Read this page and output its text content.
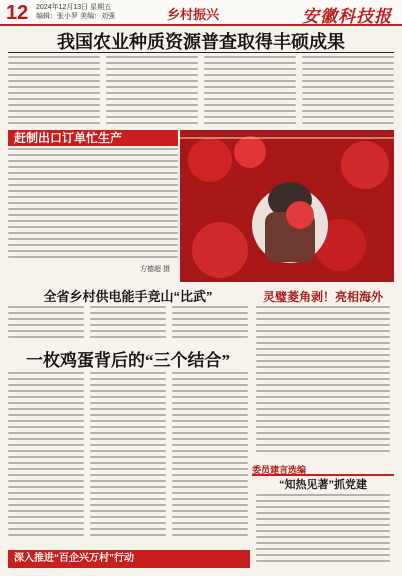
12 2024年12月13日 星期五
编辑：张小罗 美编：刘强	乡村振兴	安徽科技报
我国农业种质资源普查取得丰硕成果
赶制出口订单忙生产
方德超 摄
全省乡村供电能手竞山“比武”
一枚鸡蛋背后的“三个结合”
灵璧菱角剥！亮相海外
委员建言选编
“知热见著”抓党建
深入推进“百企兴万村”行动
